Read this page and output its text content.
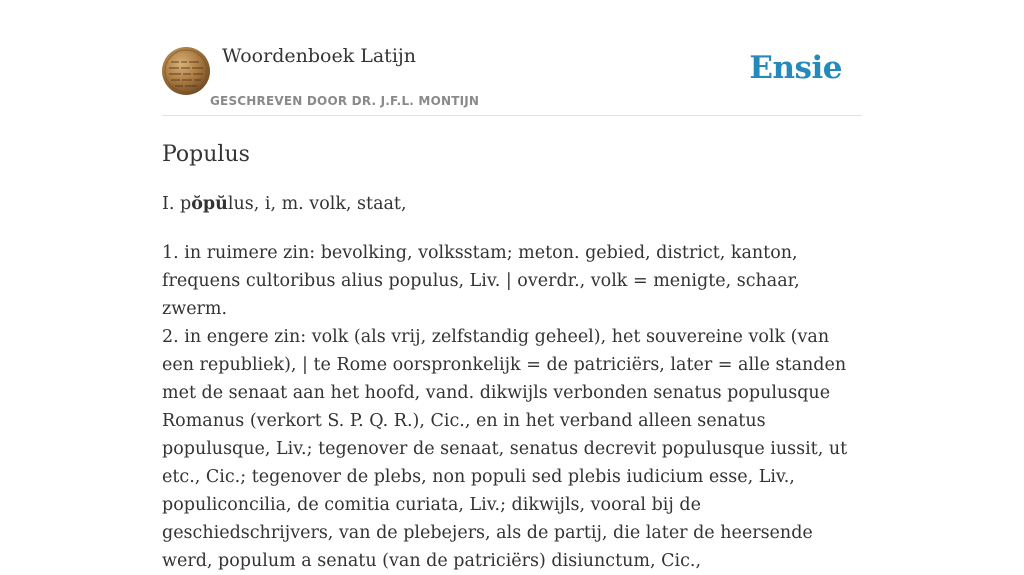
Woordenboek Latijn
GESCHREVEN DOOR DR. J.F.L. MONTIJN
Ensie
Populus
I. pŏpŭlus, i, m. volk, staat,

1. in ruimere zin: bevolking, volksstam; meton. gebied, district, kanton, frequens cultoribus alius populus, Liv. | overdr., volk = menigte, schaar, zwerm.

2. in engere zin: volk (als vrij, zelfstandig geheel), het souvereine volk (van een republiek), | te Rome oorspronkelijk = de patriciërs, later = alle standen met de senaat aan het hoofd, vand. dikwijls verbonden senatus populusque Romanus (verkort S. P. Q. R.), Cic., en in het verband alleen senatus populusque, Liv.; tegenover de senaat, senatus decrevit populusque iussit, ut etc., Cic.; tegenover de plebs, non populi sed plebis iudicium esse, Liv., populiconcilia, de comitia curiata, Liv.; dikwijls, vooral bij de geschiedschrijvers, van de plebejers, als de partij, die later de heersende werd, populum a senatu (van de patriciërs) disiunctum, Cic.,
